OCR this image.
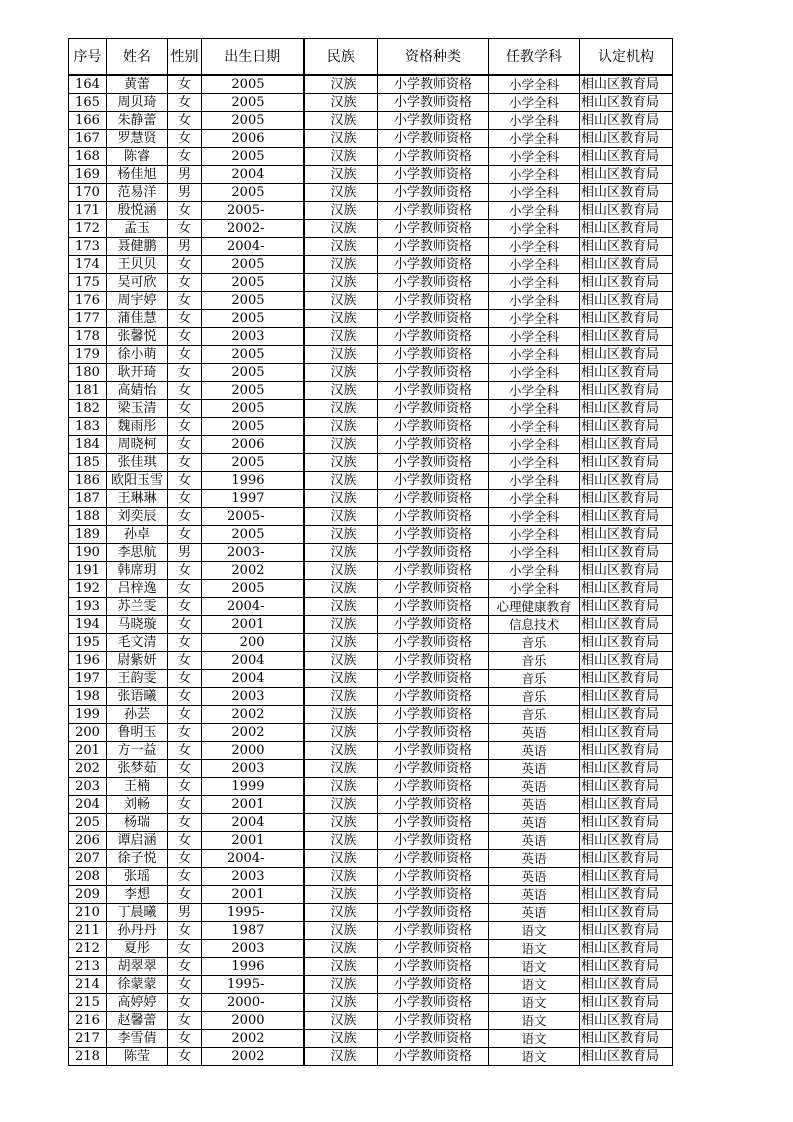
序号	姓名	性别	出生日期	民族	资格种类	任教学科	认定机构
164	黄蕾	女	2005	汉族	小学教师资格	小学全科	相山区教育局
165	周贝琦	女	2005	汉族	小学教师资格	小学全科	相山区教育局
166	朱静蕾	女	2005	汉族	小学教师资格	小学全科	相山区教育局
167	罗慧贤	女	2006	汉族	小学教师资格	小学全科	相山区教育局
168	陈睿	女	2005	汉族	小学教师资格	小学全科	相山区教育局
169	杨佳旭	男	2004	汉族	小学教师资格	小学全科	相山区教育局
170	范易洋	男	2005	汉族	小学教师资格	小学全科	相山区教育局
171	殷悦涵	女	2005-	汉族	小学教师资格	小学全科	相山区教育局
172	孟玉	女	2002-	汉族	小学教师资格	小学全科	相山区教育局
173	聂健鹏	男	2004-	汉族	小学教师资格	小学全科	相山区教育局
174	王贝贝	女	2005	汉族	小学教师资格	小学全科	相山区教育局
175	吴可欣	女	2005	汉族	小学教师资格	小学全科	相山区教育局
176	周宇婷	女	2005	汉族	小学教师资格	小学全科	相山区教育局
177	蒲佳慧	女	2005	汉族	小学教师资格	小学全科	相山区教育局
178	张馨悦	女	2003	汉族	小学教师资格	小学全科	相山区教育局
179	徐小萌	女	2005	汉族	小学教师资格	小学全科	相山区教育局
180	耿开琦	女	2005	汉族	小学教师资格	小学全科	相山区教育局
181	高婧怡	女	2005	汉族	小学教师资格	小学全科	相山区教育局
182	梁玉清	女	2005	汉族	小学教师资格	小学全科	相山区教育局
183	魏雨彤	女	2005	汉族	小学教师资格	小学全科	相山区教育局
184	周晓柯	女	2006	汉族	小学教师资格	小学全科	相山区教育局
185	张佳琪	女	2005	汉族	小学教师资格	小学全科	相山区教育局
186	欧阳玉雪	女	1996	汉族	小学教师资格	小学全科	相山区教育局
187	王琳琳	女	1997	汉族	小学教师资格	小学全科	相山区教育局
188	刘奕辰	女	2005-	汉族	小学教师资格	小学全科	相山区教育局
189	孙卓	女	2005	汉族	小学教师资格	小学全科	相山区教育局
190	李思航	男	2003-	汉族	小学教师资格	小学全科	相山区教育局
191	韩席玥	女	2002	汉族	小学教师资格	小学全科	相山区教育局
192	吕梓逸	女	2005	汉族	小学教师资格	小学全科	相山区教育局
193	苏兰雯	女	2004-	汉族	小学教师资格	心理健康教育	相山区教育局
194	马晓璇	女	2001	汉族	小学教师资格	信息技术	相山区教育局
195	毛文清	女	200	汉族	小学教师资格	音乐	相山区教育局
196	尉紫妍	女	2004	汉族	小学教师资格	音乐	相山区教育局
197	王韵雯	女	2004	汉族	小学教师资格	音乐	相山区教育局
198	张语曦	女	2003	汉族	小学教师资格	音乐	相山区教育局
199	孙芸	女	2002	汉族	小学教师资格	音乐	相山区教育局
200	鲁明玉	女	2002	汉族	小学教师资格	英语	相山区教育局
201	方一益	女	2000	汉族	小学教师资格	英语	相山区教育局
202	张梦茹	女	2003	汉族	小学教师资格	英语	相山区教育局
203	王楠	女	1999	汉族	小学教师资格	英语	相山区教育局
204	刘畅	女	2001	汉族	小学教师资格	英语	相山区教育局
205	杨瑞	女	2004	汉族	小学教师资格	英语	相山区教育局
206	谭启涵	女	2001	汉族	小学教师资格	英语	相山区教育局
207	徐子悦	女	2004-	汉族	小学教师资格	英语	相山区教育局
208	张瑶	女	2003	汉族	小学教师资格	英语	相山区教育局
209	李想	女	2001	汉族	小学教师资格	英语	相山区教育局
210	丁晨曦	男	1995-	汉族	小学教师资格	英语	相山区教育局
211	孙丹丹	女	1987	汉族	小学教师资格	语文	相山区教育局
212	夏彤	女	2003	汉族	小学教师资格	语文	相山区教育局
213	胡翠翠	女	1996	汉族	小学教师资格	语文	相山区教育局
214	徐蒙蒙	女	1995-	汉族	小学教师资格	语文	相山区教育局
215	高婷婷	女	2000-	汉族	小学教师资格	语文	相山区教育局
216	赵馨蕾	女	2000	汉族	小学教师资格	语文	相山区教育局
217	李雪倩	女	2002	汉族	小学教师资格	语文	相山区教育局
218	陈莹	女	2002	汉族	小学教师资格	语文	相山区教育局
